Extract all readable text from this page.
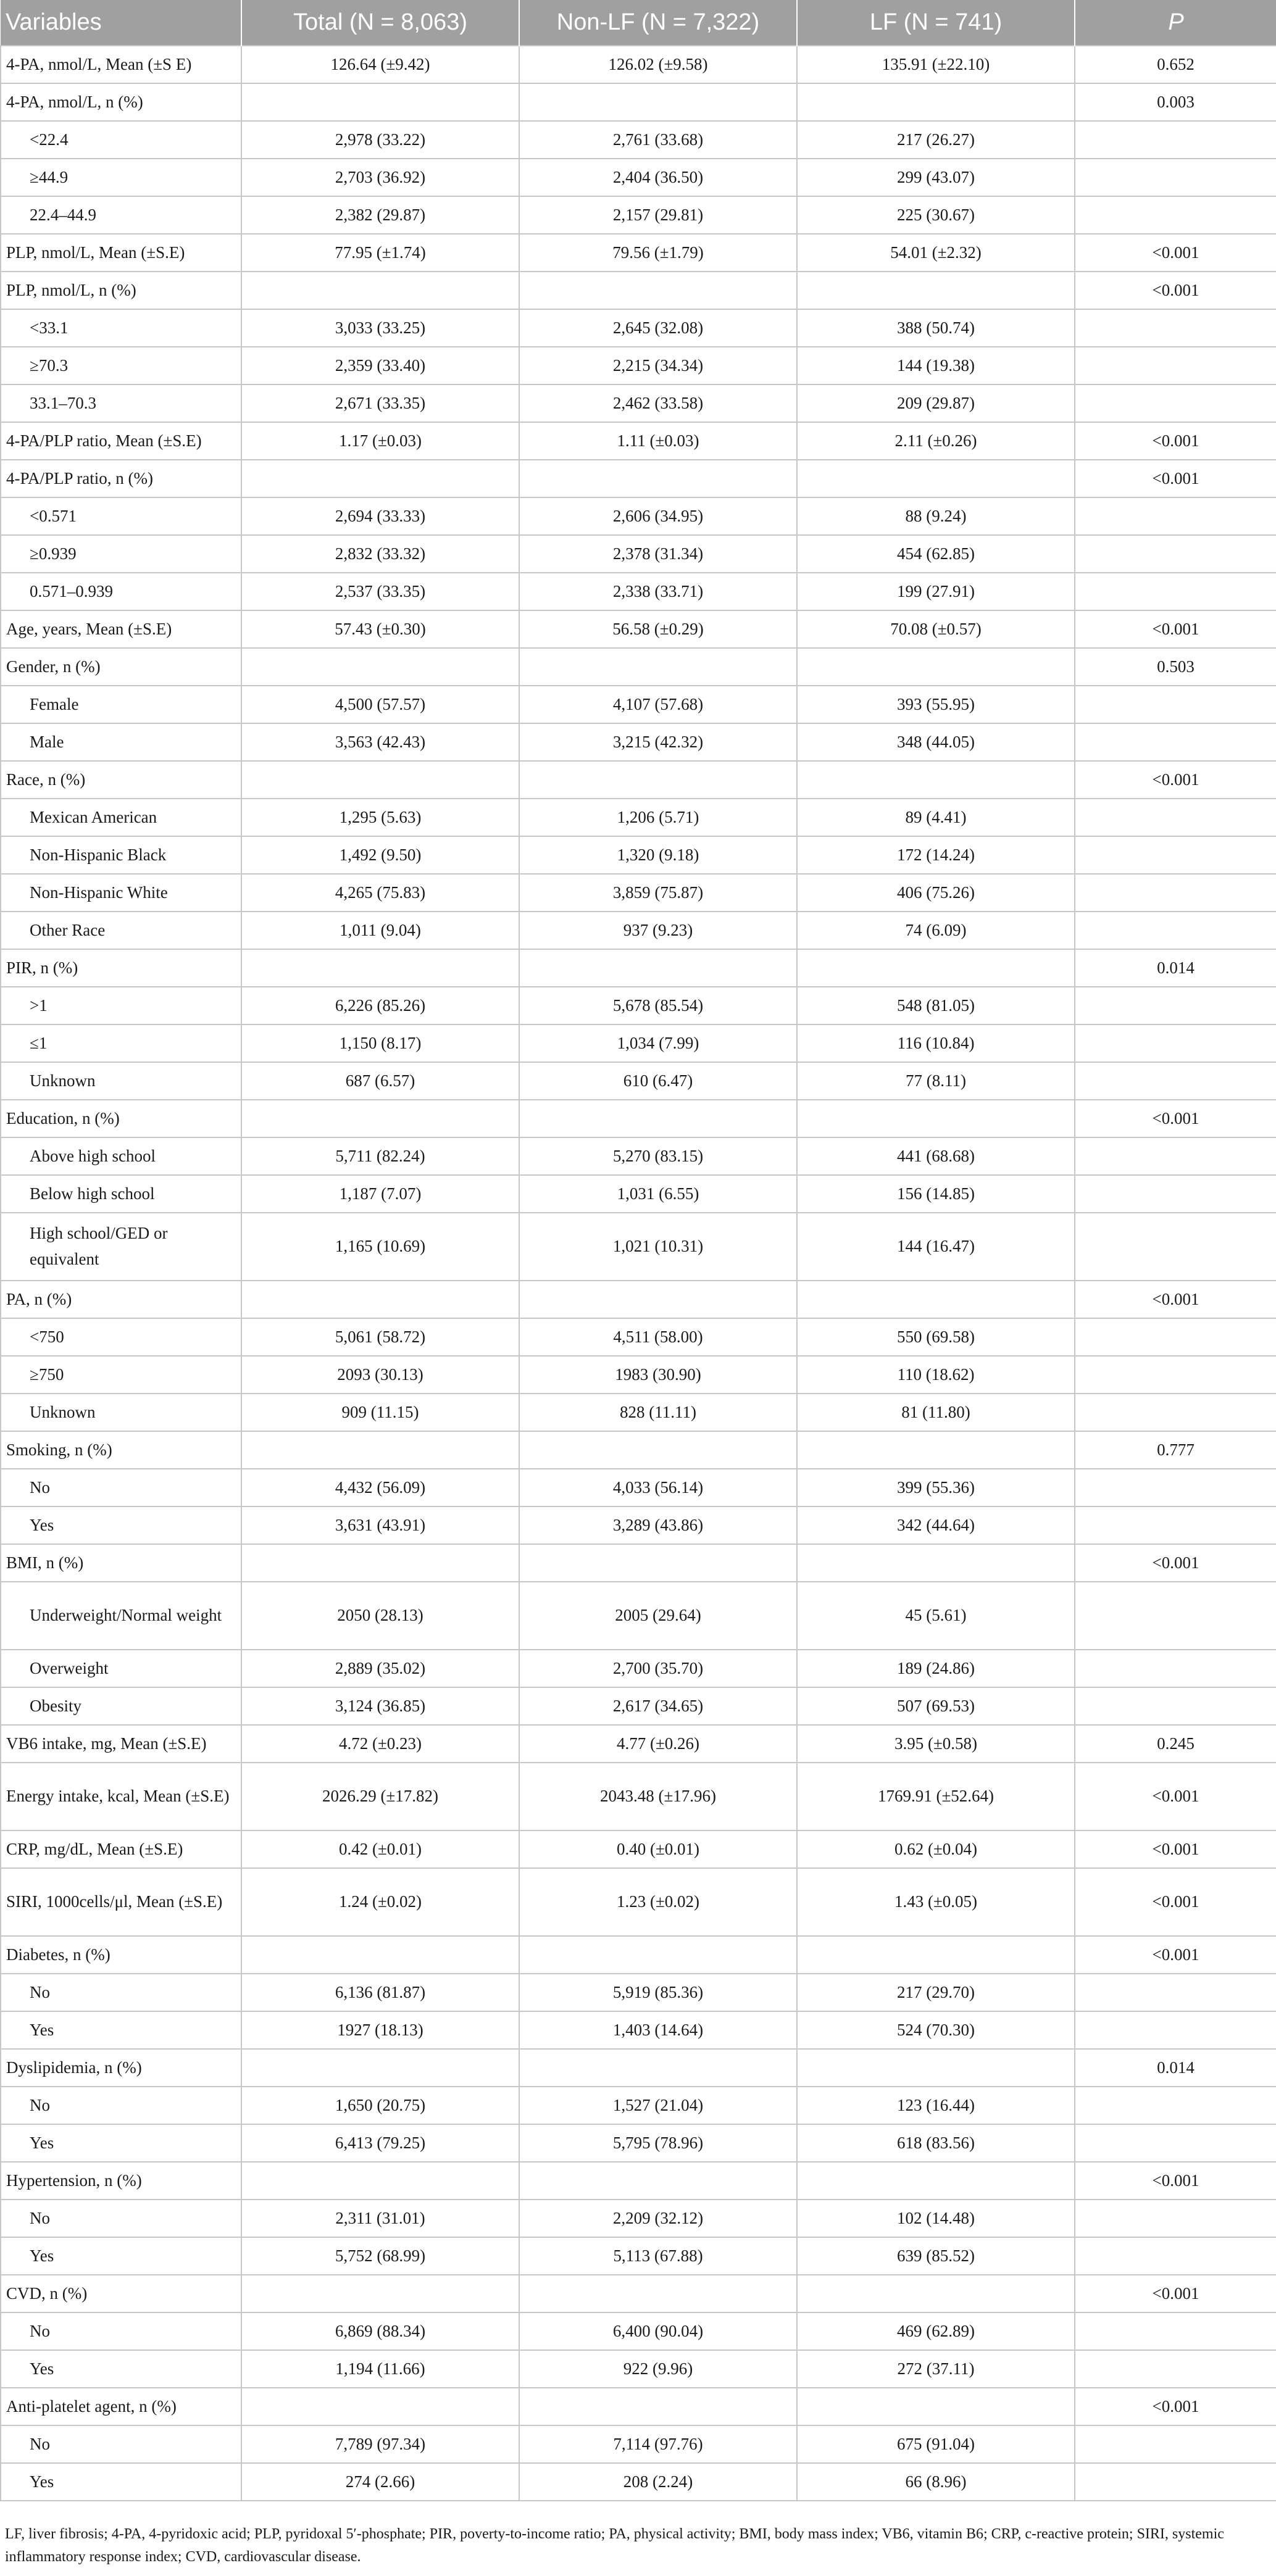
Variables	Total (N = 8,063)	Non-LF (N = 7,322)	LF (N = 741)	P
4-PA, nmol/L, Mean (±S E)	126.64 (±9.42)	126.02 (±9.58)	135.91 (±22.10)	0.652
4-PA, nmol/L, n (%)				0.003
<22.4	2,978 (33.22)	2,761 (33.68)	217 (26.27)	
≥44.9	2,703 (36.92)	2,404 (36.50)	299 (43.07)	
22.4–44.9	2,382 (29.87)	2,157 (29.81)	225 (30.67)	
PLP, nmol/L, Mean (±S.E)	77.95 (±1.74)	79.56 (±1.79)	54.01 (±2.32)	<0.001
PLP, nmol/L, n (%)				<0.001
<33.1	3,033 (33.25)	2,645 (32.08)	388 (50.74)	
≥70.3	2,359 (33.40)	2,215 (34.34)	144 (19.38)	
33.1–70.3	2,671 (33.35)	2,462 (33.58)	209 (29.87)	
4-PA/PLP ratio, Mean (±S.E)	1.17 (±0.03)	1.11 (±0.03)	2.11 (±0.26)	<0.001
4-PA/PLP ratio, n (%)				<0.001
<0.571	2,694 (33.33)	2,606 (34.95)	88 (9.24)	
≥0.939	2,832 (33.32)	2,378 (31.34)	454 (62.85)	
0.571–0.939	2,537 (33.35)	2,338 (33.71)	199 (27.91)	
Age, years, Mean (±S.E)	57.43 (±0.30)	56.58 (±0.29)	70.08 (±0.57)	<0.001
Gender, n (%)				0.503
Female	4,500 (57.57)	4,107 (57.68)	393 (55.95)	
Male	3,563 (42.43)	3,215 (42.32)	348 (44.05)	
Race, n (%)				<0.001
Mexican American	1,295 (5.63)	1,206 (5.71)	89 (4.41)	
Non-Hispanic Black	1,492 (9.50)	1,320 (9.18)	172 (14.24)	
Non-Hispanic White	4,265 (75.83)	3,859 (75.87)	406 (75.26)	
Other Race	1,011 (9.04)	937 (9.23)	74 (6.09)	
PIR, n (%)				0.014
>1	6,226 (85.26)	5,678 (85.54)	548 (81.05)	
≤1	1,150 (8.17)	1,034 (7.99)	116 (10.84)	
Unknown	687 (6.57)	610 (6.47)	77 (8.11)	
Education, n (%)				<0.001
Above high school	5,711 (82.24)	5,270 (83.15)	441 (68.68)	
Below high school	1,187 (7.07)	1,031 (6.55)	156 (14.85)	
High school/GED or equivalent	1,165 (10.69)	1,021 (10.31)	144 (16.47)	
PA, n (%)				<0.001
<750	5,061 (58.72)	4,511 (58.00)	550 (69.58)	
≥750	2093 (30.13)	1983 (30.90)	110 (18.62)	
Unknown	909 (11.15)	828 (11.11)	81 (11.80)	
Smoking, n (%)				0.777
No	4,432 (56.09)	4,033 (56.14)	399 (55.36)	
Yes	3,631 (43.91)	3,289 (43.86)	342 (44.64)	
BMI, n (%)				<0.001
Underweight/Normal weight	2050 (28.13)	2005 (29.64)	45 (5.61)	
Overweight	2,889 (35.02)	2,700 (35.70)	189 (24.86)	
Obesity	3,124 (36.85)	2,617 (34.65)	507 (69.53)	
VB6 intake, mg, Mean (±S.E)	4.72 (±0.23)	4.77 (±0.26)	3.95 (±0.58)	0.245
Energy intake, kcal, Mean (±S.E)	2026.29 (±17.82)	2043.48 (±17.96)	1769.91 (±52.64)	<0.001
CRP, mg/dL, Mean (±S.E)	0.42 (±0.01)	0.40 (±0.01)	0.62 (±0.04)	<0.001
SIRI, 1000cells/μl, Mean (±S.E)	1.24 (±0.02)	1.23 (±0.02)	1.43 (±0.05)	<0.001
Diabetes, n (%)				<0.001
No	6,136 (81.87)	5,919 (85.36)	217 (29.70)	
Yes	1927 (18.13)	1,403 (14.64)	524 (70.30)	
Dyslipidemia, n (%)				0.014
No	1,650 (20.75)	1,527 (21.04)	123 (16.44)	
Yes	6,413 (79.25)	5,795 (78.96)	618 (83.56)	
Hypertension, n (%)				<0.001
No	2,311 (31.01)	2,209 (32.12)	102 (14.48)	
Yes	5,752 (68.99)	5,113 (67.88)	639 (85.52)	
CVD, n (%)				<0.001
No	6,869 (88.34)	6,400 (90.04)	469 (62.89)	
Yes	1,194 (11.66)	922 (9.96)	272 (37.11)	
Anti-platelet agent, n (%)				<0.001
No	7,789 (97.34)	7,114 (97.76)	675 (91.04)	
Yes	274 (2.66)	208 (2.24)	66 (8.96)	
LF, liver fibrosis; 4-PA, 4-pyridoxic acid; PLP, pyridoxal 5′-phosphate; PIR, poverty-to-income ratio; PA, physical activity; BMI, body mass index; VB6, vitamin B6; CRP, c-reactive protein; SIRI, systemic inflammatory response index; CVD, cardiovascular disease.
